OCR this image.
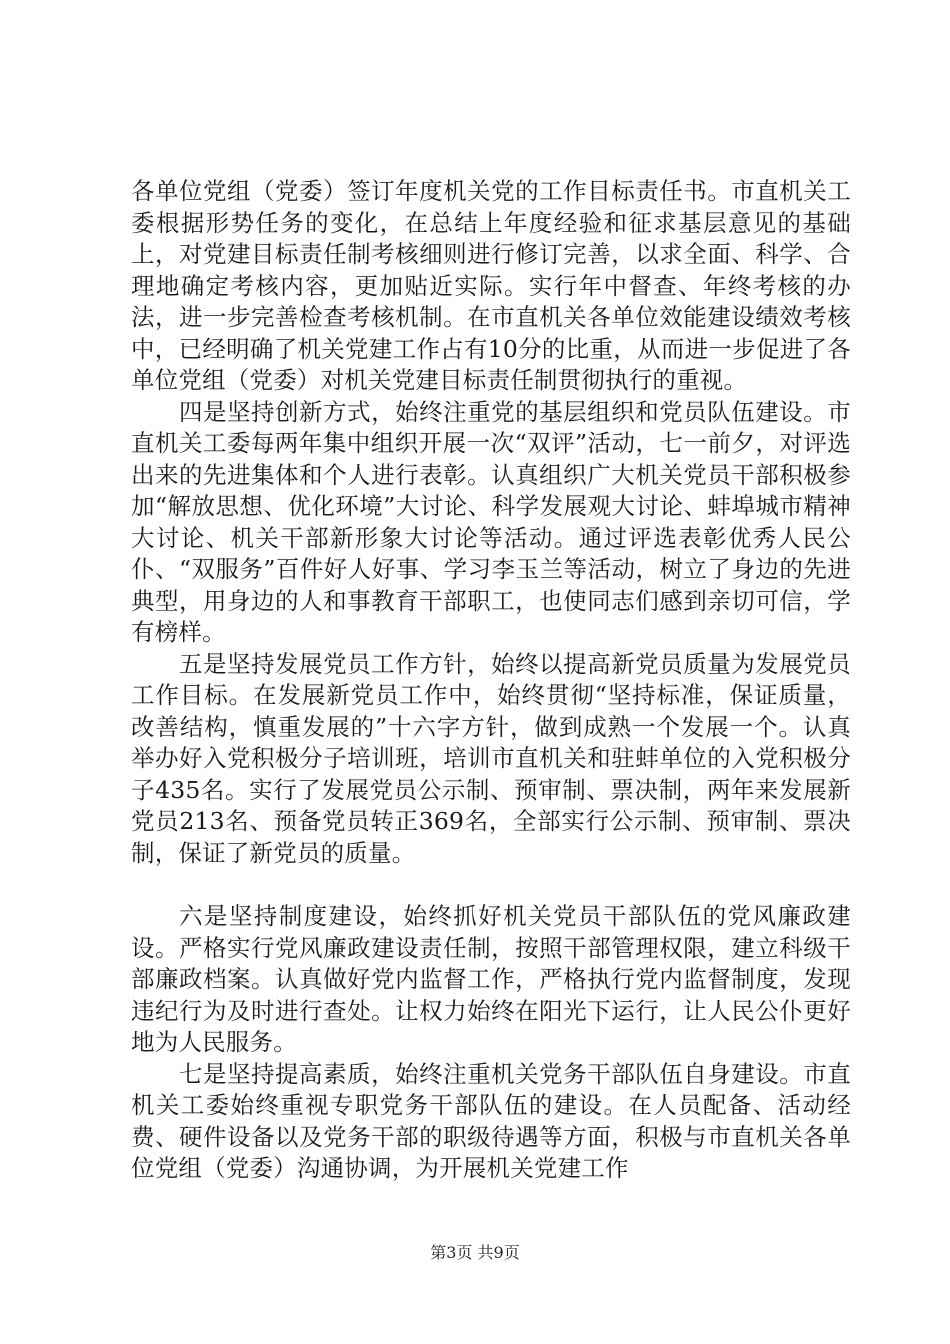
各单位党组（党委）签订年度机关党的工作目标责任书。市直机关工委根据形势任务的变化，在总结上年度经验和征求基层意见的基础上，对党建目标责任制考核细则进行修订完善，以求全面、科学、合理地确定考核内容，更加贴近实际。实行年中督查、年终考核的办法，进一步完善检查考核机制。在市直机关各单位效能建设绩效考核中，已经明确了机关党建工作占有10分的比重，从而进一步促进了各单位党组（党委）对机关党建目标责任制贯彻执行的重视。

四是坚持创新方式，始终注重党的基层组织和党员队伍建设。市直机关工委每两年集中组织开展一次“双评”活动，七一前夕，对评选出来的先进集体和个人进行表彰。认真组织广大机关党员干部积极参加“解放思想、优化环境”大讨论、科学发展观大讨论、蚌埠城市精神大讨论、机关干部新形象大讨论等活动。通过评选表彰优秀人民公仆、“双服务”百件好人好事、学习李玉兰等活动，树立了身边的先进典型，用身边的人和事教育干部职工，也使同志们感到亲切可信，学有榜样。

五是坚持发展党员工作方针，始终以提高新党员质量为发展党员工作目标。在发展新党员工作中，始终贯彻“坚持标准，保证质量，改善结构，慎重发展的”十六字方针，做到成熟一个发展一个。认真举办好入党积极分子培训班，培训市直机关和驻蚌单位的入党积极分子435名。实行了发展党员公示制、预审制、票决制，两年来发展新党员213名、预备党员转正369名，全部实行公示制、预审制、票决制，保证了新党员的质量。

六是坚持制度建设，始终抓好机关党员干部队伍的党风廉政建设。严格实行党风廉政建设责任制，按照干部管理权限，建立科级干部廉政档案。认真做好党内监督工作，严格执行党内监督制度，发现违纪行为及时进行查处。让权力始终在阳光下运行，让人民公仆更好地为人民服务。

七是坚持提高素质，始终注重机关党务干部队伍自身建设。市直机关工委始终重视专职党务干部队伍的建设。在人员配备、活动经费、硬件设备以及党务干部的职级待遇等方面，积极与市直机关各单位党组（党委）沟通协调，为开展机关党建工作

第3页 共9页
